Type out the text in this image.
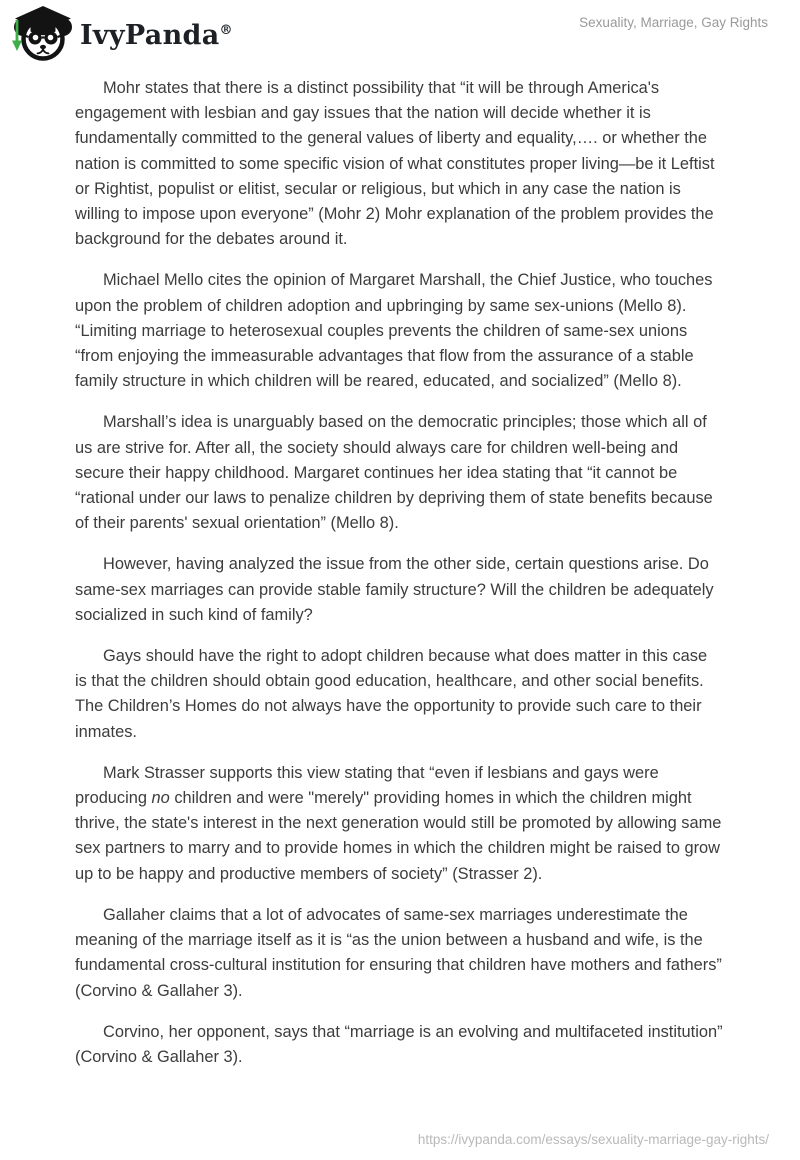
IvyPanda®
Sexuality, Marriage, Gay Rights

Mohr states that there is a distinct possibility that “it will be through America's engagement with lesbian and gay issues that the nation will decide whether it is fundamentally committed to the general values of liberty and equality,…. or whether the nation is committed to some specific vision of what constitutes proper living—be it Leftist or Rightist, populist or elitist, secular or religious, but which in any case the nation is willing to impose upon everyone” (Mohr 2) Mohr explanation of the problem provides the background for the debates around it.

Michael Mello cites the opinion of Margaret Marshall, the Chief Justice, who touches upon the problem of children adoption and upbringing by same sex-unions (Mello 8). “Limiting marriage to heterosexual couples prevents the children of same-sex unions “from enjoying the immeasurable advantages that flow from the assurance of a stable family structure in which children will be reared, educated, and socialized” (Mello 8).

Marshall’s idea is unarguably based on the democratic principles; those which all of us are strive for. After all, the society should always care for children well-being and secure their happy childhood. Margaret continues her idea stating that “it cannot be “rational under our laws to penalize children by depriving them of state benefits because of their parents' sexual orientation” (Mello 8).

However, having analyzed the issue from the other side, certain questions arise. Do same-sex marriages can provide stable family structure? Will the children be adequately socialized in such kind of family?

Gays should have the right to adopt children because what does matter in this case is that the children should obtain good education, healthcare, and other social benefits. The Children’s Homes do not always have the opportunity to provide such care to their inmates.

Mark Strasser supports this view stating that “even if lesbians and gays were producing no children and were "merely" providing homes in which the children might thrive, the state's interest in the next generation would still be promoted by allowing same sex partners to marry and to provide homes in which the children might be raised to grow up to be happy and productive members of society” (Strasser 2).

Gallaher claims that a lot of advocates of same-sex marriages underestimate the meaning of the marriage itself as it is “as the union between a husband and wife, is the fundamental cross-cultural institution for ensuring that children have mothers and fathers” (Corvino & Gallaher 3).

Corvino, her opponent, says that “marriage is an evolving and multifaceted institution” (Corvino & Gallaher 3).

https://ivypanda.com/essays/sexuality-marriage-gay-rights/
